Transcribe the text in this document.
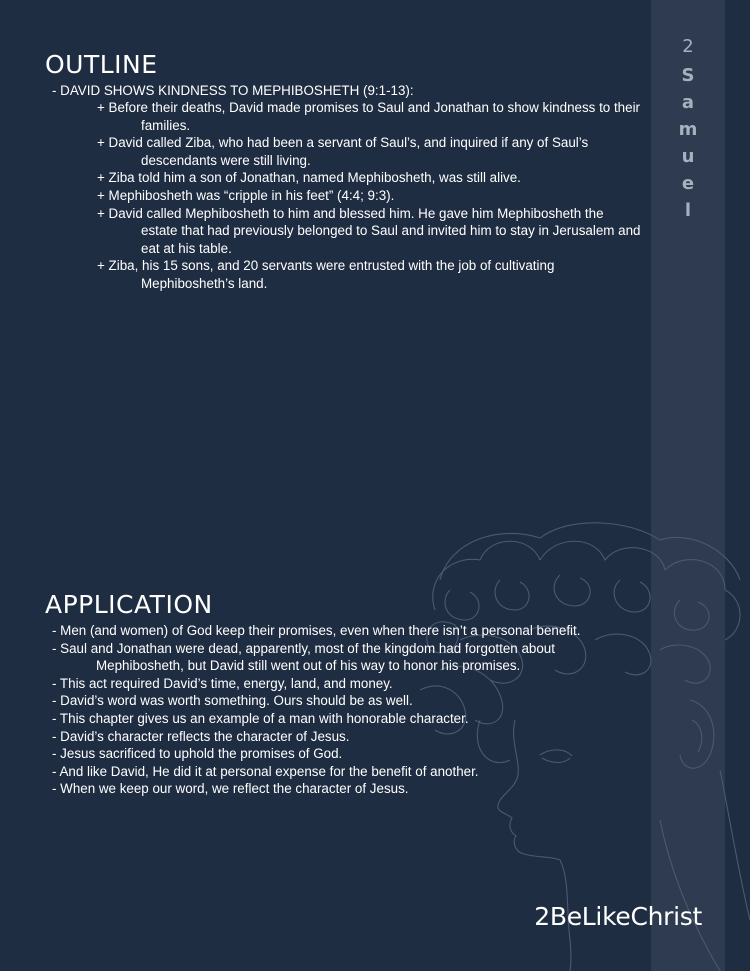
2
S
a
m
u
e
l
OUTLINE
- DAVID SHOWS KINDNESS TO MEPHIBOSHETH (9:1-13):
+ Before their deaths, David made promises to Saul and Jonathan to show kindness to their families.
+ David called Ziba, who had been a servant of Saul’s, and inquired if any of Saul’s descendants were still living.
+ Ziba told him a son of Jonathan, named Mephibosheth, was still alive.
+ Mephibosheth was “cripple in his feet” (4:4; 9:3).
+ David called Mephibosheth to him and blessed him. He gave him Mephibosheth the estate that had previously belonged to Saul and invited him to stay in Jerusalem and eat at his table.
+ Ziba, his 15 sons, and 20 servants were entrusted with the job of cultivating Mephibosheth’s land.
APPLICATION
- Men (and women) of God keep their promises, even when there isn’t a personal benefit.
- Saul and Jonathan were dead, apparently, most of the kingdom had forgotten about Mephibosheth, but David still went out of his way to honor his promises.
- This act required David’s time, energy, land, and money.
- David’s word was worth something. Ours should be as well.
- This chapter gives us an example of a man with honorable character.
- David’s character reflects the character of Jesus.
- Jesus sacrificed to uphold the promises of God.
- And like David, He did it at personal expense for the benefit of another.
- When we keep our word, we reflect the character of Jesus.
2BeLikeChrist
